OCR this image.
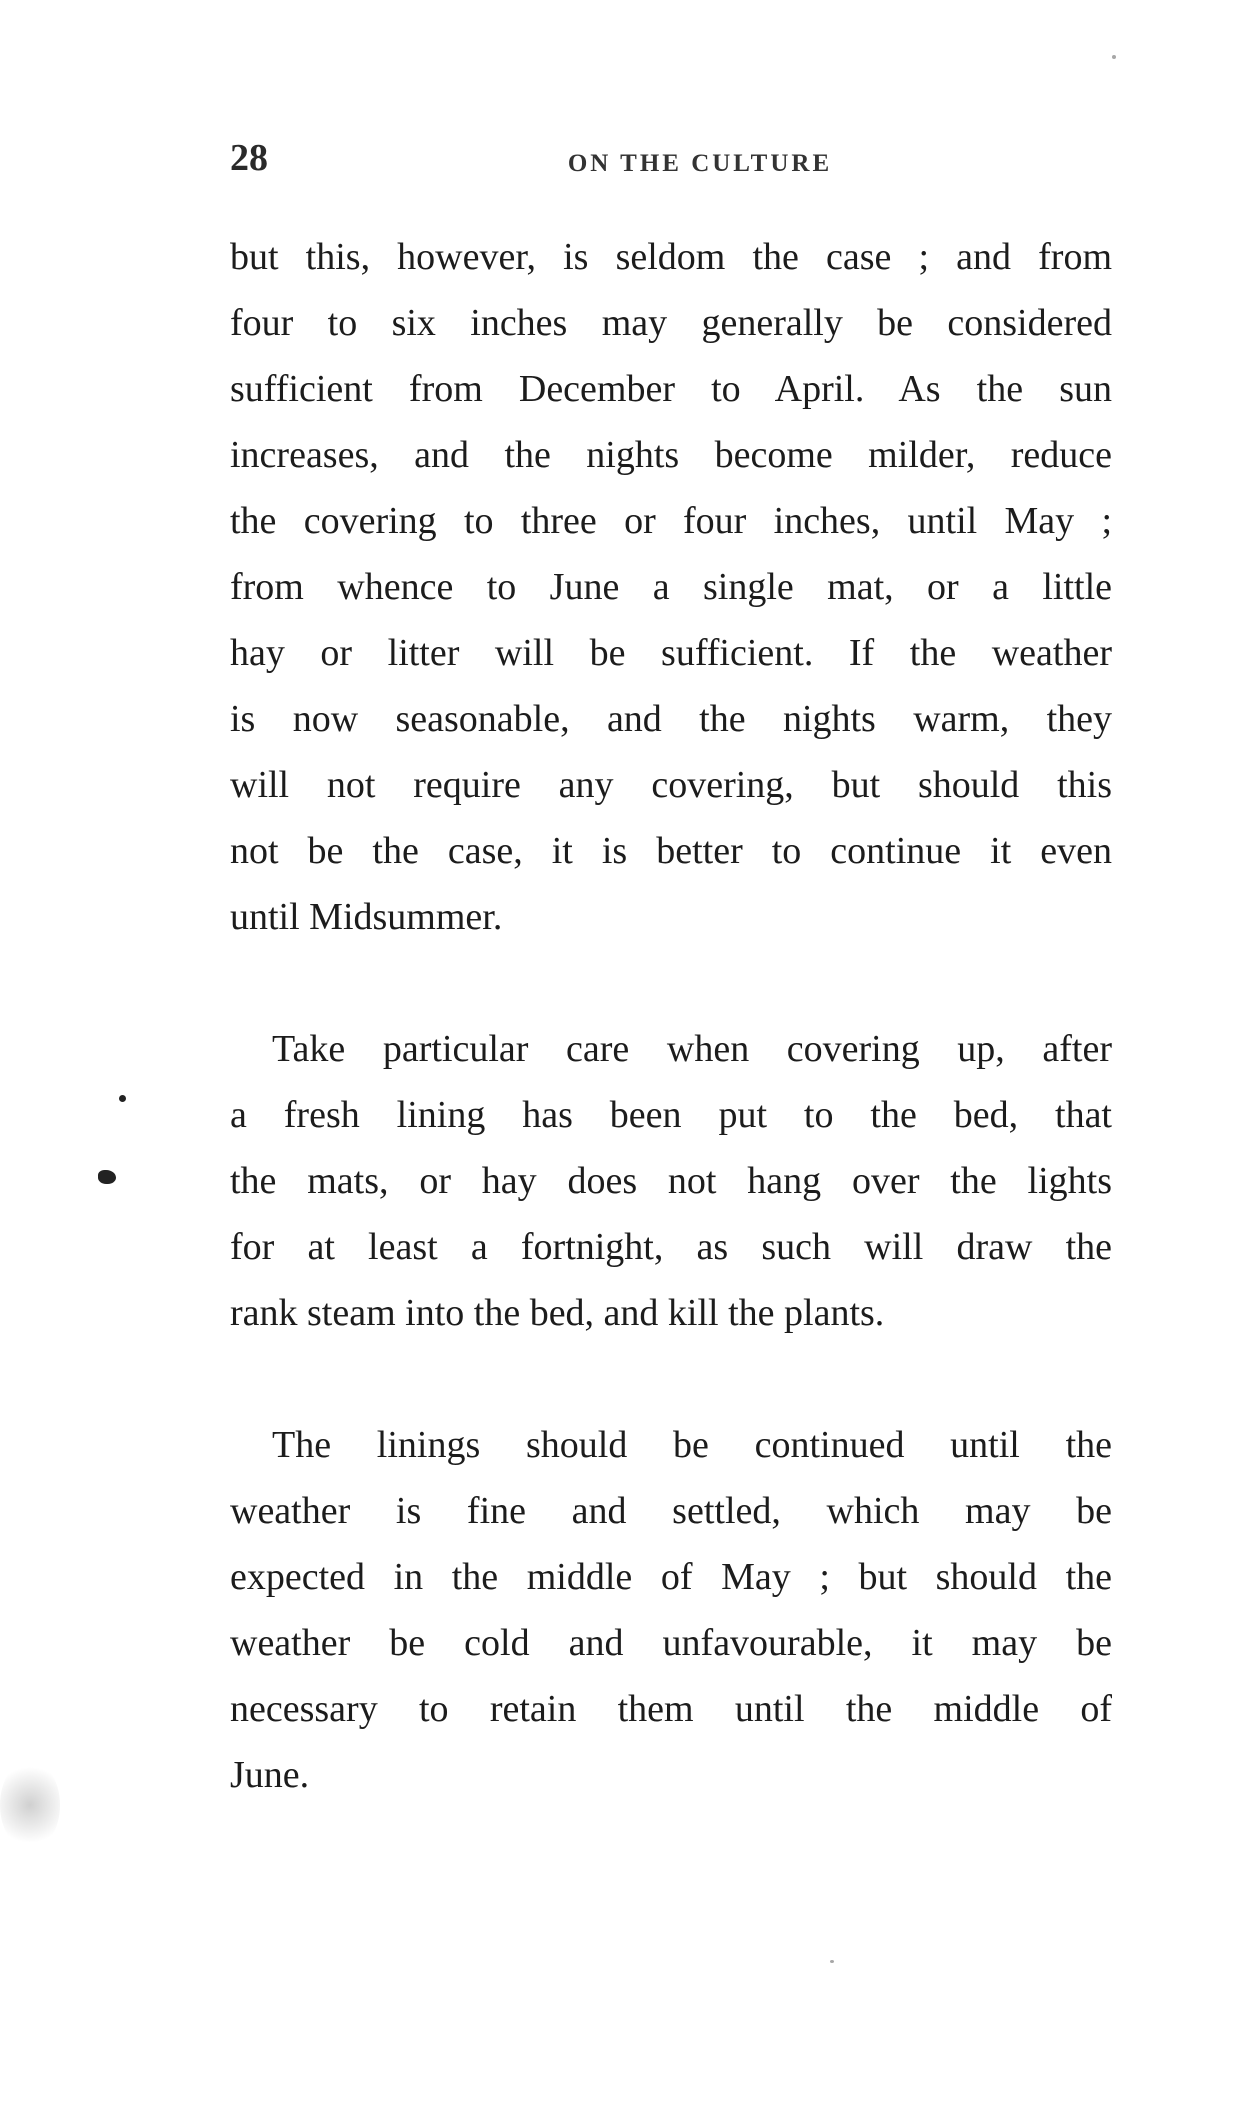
28	ON THE CULTURE
but this, however, is seldom the case ; and from
four to six inches may generally be considered
sufficient from December to April. As the sun
increases, and the nights become milder, reduce
the covering to three or four inches, until May ;
from whence to June a single mat, or a little
hay or litter will be sufficient. If the weather
is now seasonable, and the nights warm, they
will not require any covering, but should this
not be the case, it is better to continue it even
until Midsummer.
Take particular care when covering up, after
a fresh lining has been put to the bed, that
the mats, or hay does not hang over the lights
for at least a fortnight, as such will draw the
rank steam into the bed, and kill the plants.
The linings should be continued until the
weather is fine and settled, which may be
expected in the middle of May ; but should the
weather be cold and unfavourable, it may be
necessary to retain them until the middle of
June.
